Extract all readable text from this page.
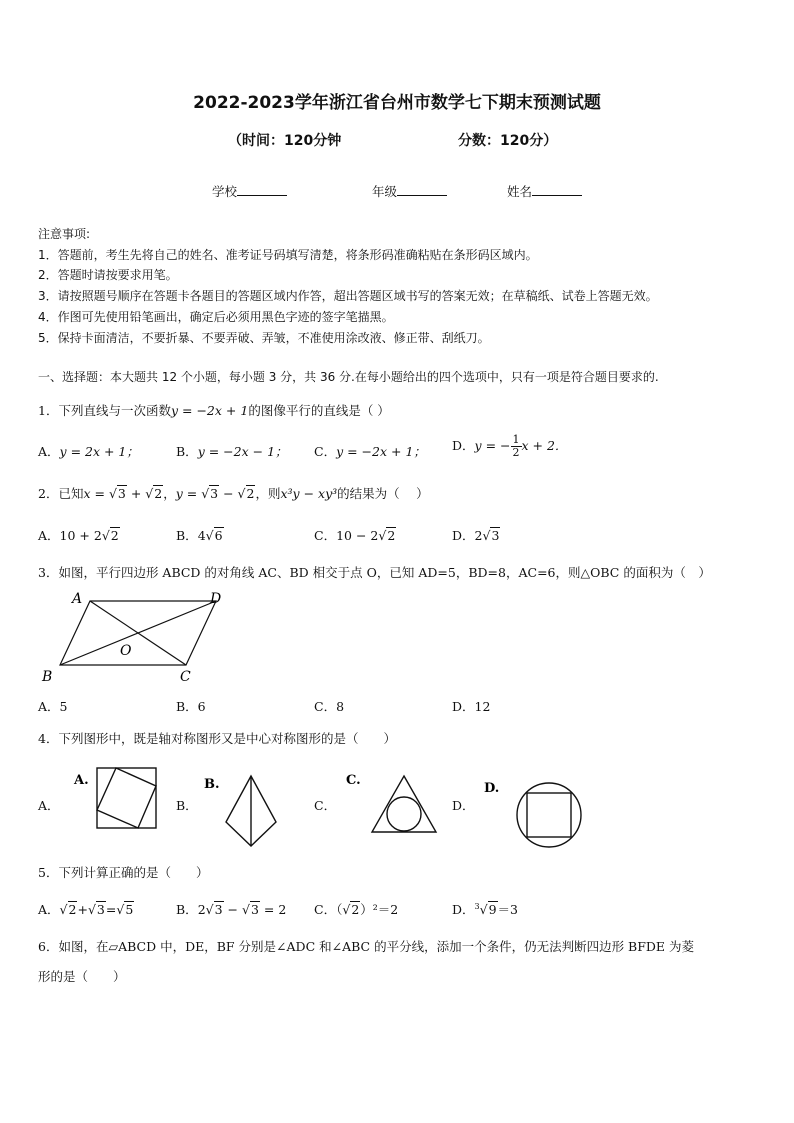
2022-2023学年浙江省台州市数学七下期末预测试题
（时间：120分钟	分数：120分）
学校	年级	姓名
注意事项:
1．答题前，考生先将自己的姓名、准考证号码填写清楚，将条形码准确粘贴在条形码区域内。
2．答题时请按要求用笔。
3．请按照题号顺序在答题卡各题目的答题区域内作答，超出答题区域书写的答案无效；在草稿纸、试卷上答题无效。
4．作图可先使用铅笔画出，确定后必须用黑色字迹的签字笔描黑。
5．保持卡面清洁，不要折暴、不要弄破、弄皱，不准使用涂改液、修正带、刮纸刀。
一、选择题：本大题共 12 个小题，每小题 3 分，共 36 分.在每小题给出的四个选项中，只有一项是符合题目要求的.
1．下列直线与一次函数y = −2x + 1的图像平行的直线是（ ）
A．y = 2x + 1；	B．y = −2x − 1； C．y = −2x + 1； D．y = − $\frac{1}{2}$ x + 2．
2．已知x = √3 + √2，y = √3 − √2，则x³y − xy³的结果为（　 ）
A．10 + 2√2	B．4√6	C．10 − 2√2	D．2√3
3．如图，平行四边形 ABCD 的对角线 AC、BD 相交于点 O，已知 AD=5，BD=8，AC=6，则△OBC 的面积为（　）
A	D
B	C
O
A．5	B．6	C．8	D．12
4．下列图形中，既是轴对称图形又是中心对称图形的是（　　）
A．	B．	C．	D．
A.	B.	C.
D.
5．下列计算正确的是（　　）
A．√2+√3=√5	B．2√3 − √3 = 2 C．（√2）²＝2	D．$^3$√9＝3
6．如图，在▱ABCD 中，DE，BF 分别是∠ADC 和∠ABC 的平分线，添加一个条件，仍无法判断四边形 BFDE 为菱
形的是（　　）
